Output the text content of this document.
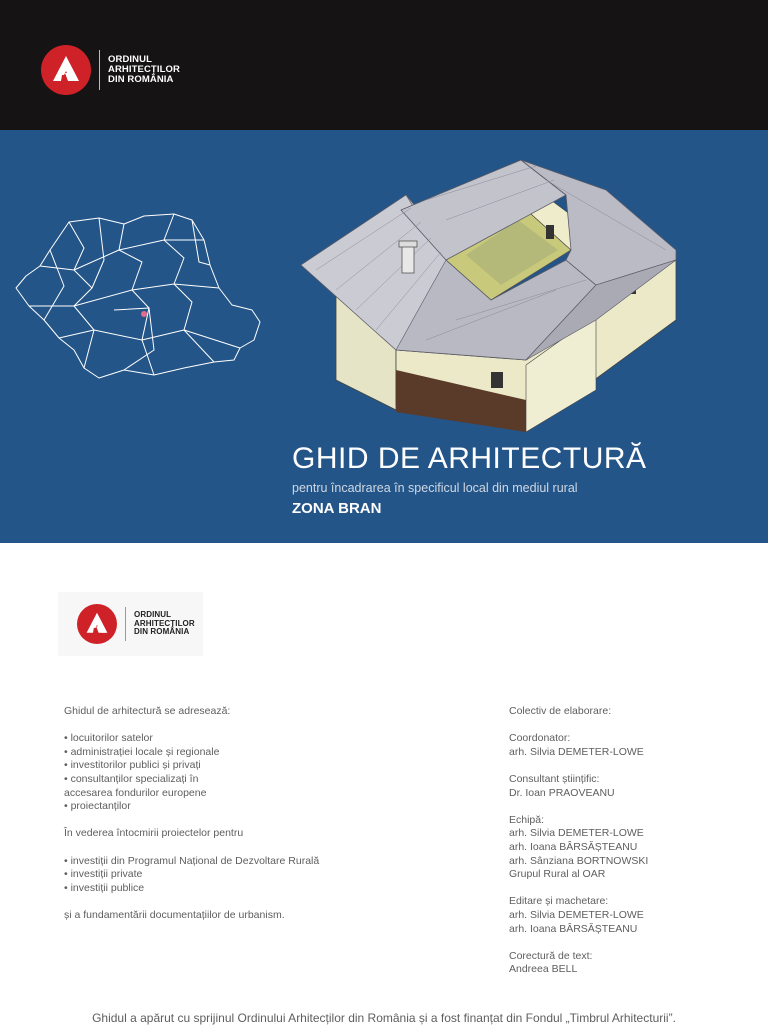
ORDINUL
ARHITECȚILOR
DIN ROMÂNIA
GHID DE ARHITECTURĂ
pentru încadrarea în specificul local din mediul rural
ZONA BRAN
ORDINUL
ARHITECȚILOR
DIN ROMÂNIA
Ghidul de arhitectură se adresează:
• locuitorilor satelor
• administrației locale și regionale
• investitorilor publici și privați
• consultanților specializați în
accesarea fondurilor europene
• proiectanților
În vederea întocmirii proiectelor pentru
• investiții din Programul Național de Dezvoltare Rurală
• investiții private
• investiții publice
și a fundamentării documentațiilor de urbanism.
Colectiv de elaborare:
Coordonator:
arh. Silvia DEMETER-LOWE
Consultant științific:
Dr. Ioan PRAOVEANU
Echipă:
arh. Silvia DEMETER-LOWE
arh. Ioana BÂRSĂȘTEANU
arh. Sânziana BORTNOWSKI
Grupul Rural al OAR
Editare și machetare:
arh. Silvia DEMETER-LOWE
arh. Ioana BÂRSĂȘTEANU
Corectură de text:
Andreea BELL
Ghidul a apărut cu sprijinul Ordinului Arhitecților din România și a fost finanțat din Fondul „Timbrul Arhitecturii”.
